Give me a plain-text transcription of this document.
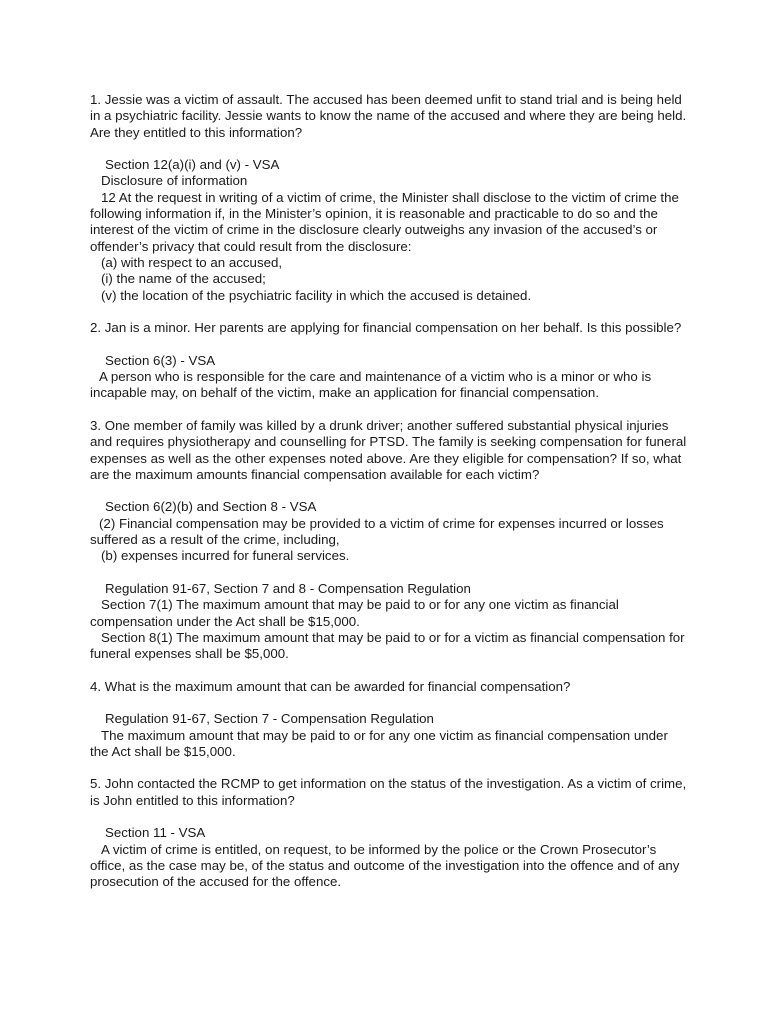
1. Jessie was a victim of assault. The accused has been deemed unfit to stand trial and is being held in a psychiatric facility. Jessie wants to know the name of the accused and where they are being held. Are they entitled to this information?

Section 12(a)(i) and (v) - VSA

Disclosure of information

12 At the request in writing of a victim of crime, the Minister shall disclose to the victim of crime the following information if, in the Minister’s opinion, it is reasonable and practicable to do so and the interest of the victim of crime in the disclosure clearly outweighs any invasion of the accused’s or offender’s privacy that could result from the disclosure:

(a) with respect to an accused,

(i) the name of the accused;

(v) the location of the psychiatric facility in which the accused is detained.

2. Jan is a minor. Her parents are applying for financial compensation on her behalf. Is this possible?

Section 6(3) - VSA

A person who is responsible for the care and maintenance of a victim who is a minor or who is incapable may, on behalf of the victim, make an application for financial compensation.

3. One member of family was killed by a drunk driver; another suffered substantial physical injuries and requires physiotherapy and counselling for PTSD. The family is seeking compensation for funeral expenses as well as the other expenses noted above. Are they eligible for compensation? If so, what are the maximum amounts financial compensation available for each victim?

Section 6(2)(b) and Section 8 - VSA

(2) Financial compensation may be provided to a victim of crime for expenses incurred or losses suffered as a result of the crime, including,

(b) expenses incurred for funeral services.

Regulation 91-67, Section 7 and 8 - Compensation Regulation

Section 7(1) The maximum amount that may be paid to or for any one victim as financial compensation under the Act shall be $15,000.

Section 8(1) The maximum amount that may be paid to or for a victim as financial compensation for funeral expenses shall be $5,000.

4. What is the maximum amount that can be awarded for financial compensation?

Regulation 91-67, Section 7 - Compensation Regulation

The maximum amount that may be paid to or for any one victim as financial compensation under the Act shall be $15,000.

5. John contacted the RCMP to get information on the status of the investigation. As a victim of crime, is John entitled to this information?

Section 11 - VSA

A victim of crime is entitled, on request, to be informed by the police or the Crown Prosecutor’s office, as the case may be, of the status and outcome of the investigation into the offence and of any prosecution of the accused for the offence.
